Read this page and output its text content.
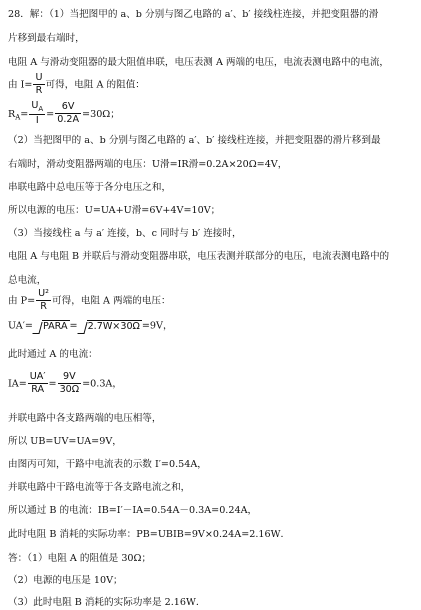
28．解：（1）当把图甲的 a、b 分别与图乙电路的 a′、b′ 接线柱连接，并把变阻器的滑
片移到最右端时，
电阻 A 与滑动变阻器的最大阻值串联，电压表测 A 两端的电压，电流表测电路中的电流，
由 $I= \frac{U}{R}$ 可得，电阻 A 的阻值：
$R_A= \frac{U_A}{I} = \frac{6V}{0.2A} =30\Omega$；
（2）当把图甲的 a、b 分别与图乙电路的 a′、b′ 接线柱连接，并把变阻器的滑片移到最
右端时，滑动变阻器两端的电压：U滑=IR滑=0.2A×20Ω=4V，
串联电路中总电压等于各分电压之和，
所以电源的电压：U=UA+U滑=6V+4V=10V；
（3）当接线柱 a 与 a′ 连接，b、c 同时与 b′ 连接时，
电阻 A 与电阻 B 并联后与滑动变阻器串联，电压表测并联部分的电压，电流表测电路中的
总电流，
由 $P= \frac{\text{U²}}{R}$ 可得，电阻 A 两端的电压：
UA′= PARA = 2.7W×30Ω =9V，
此时通过 A 的电流：
$IA= \frac{UA'}{RA} = \frac{9V}{30\Omega} =0.3A$，
并联电路中各支路两端的电压相等，
所以 UB=UV=UA=9V，
由图丙可知，干路中电流表的示数 I′=0.54A，
并联电路中干路电流等于各支路电流之和，
所以通过 B 的电流：IB=I′－IA=0.54A－0.3A=0.24A，
此时电阻 B 消耗的实际功率：PB=UBIB=9V×0.24A=2.16W．
答：（1）电阻 A 的阻值是 30Ω；
（2）电源的电压是 10V；
（3）此时电阻 B 消耗的实际功率是 2.16W．
